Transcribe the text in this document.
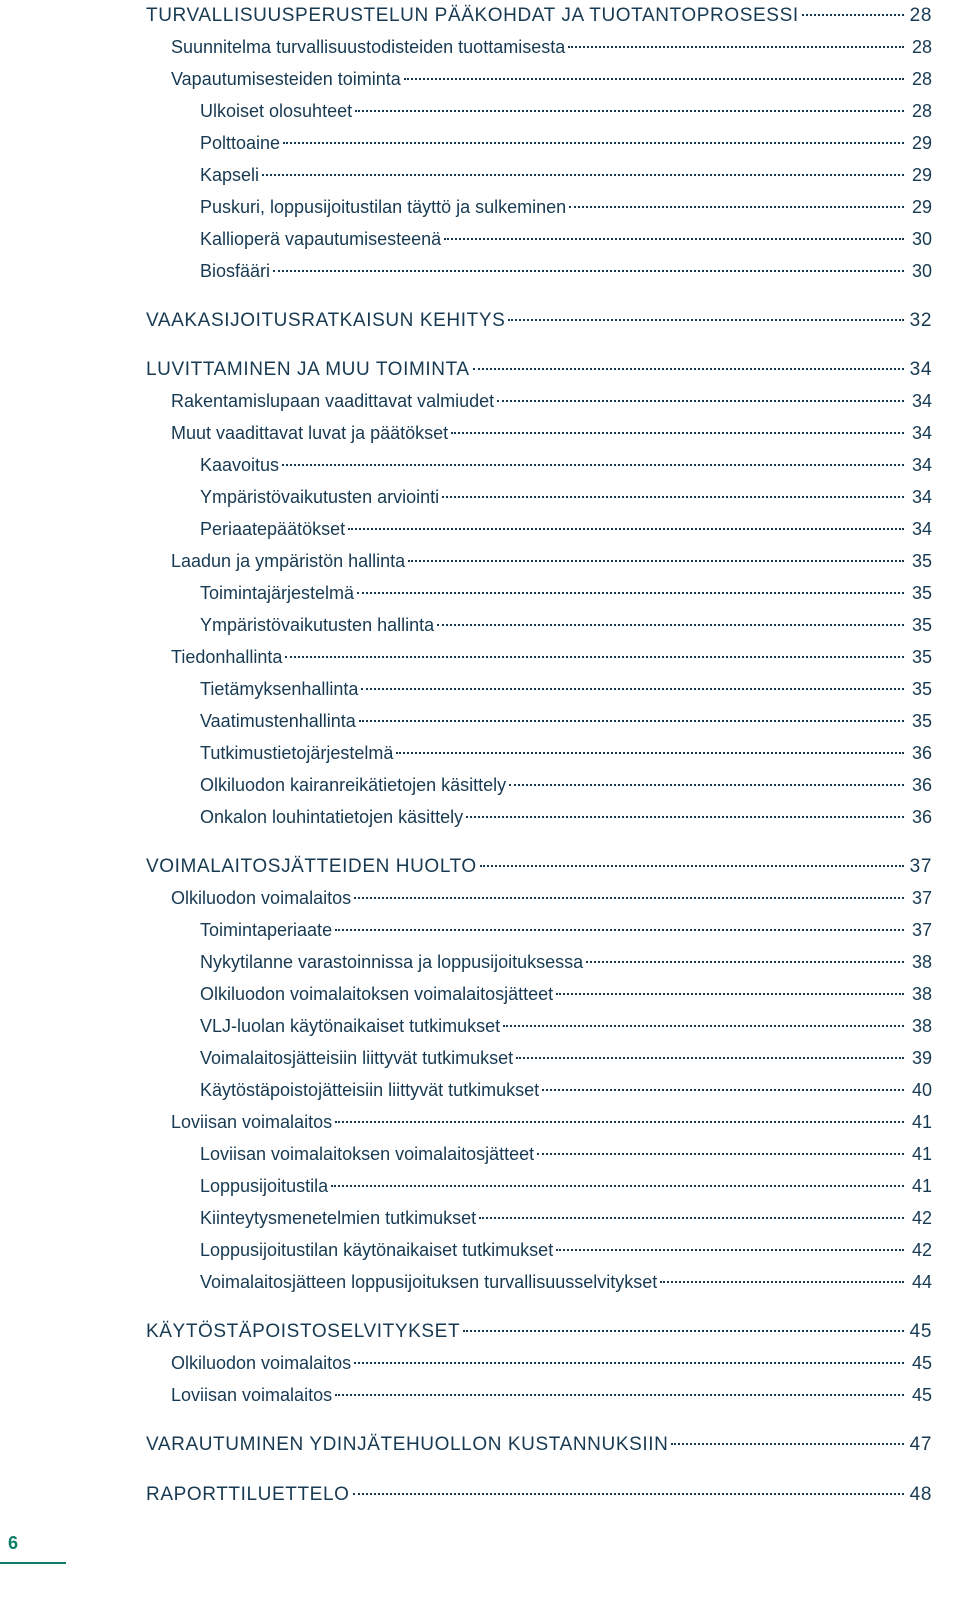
TURVALLISUUSPERUSTELUN PÄÄKOHDAT JA TUOTANTOPROSESSI	28
Suunnitelma turvallisuustodisteiden tuottamisesta	28
Vapautumisesteiden toiminta	28
Ulkoiset olosuhteet	28
Polttoaine	29
Kapseli	29
Puskuri, loppusijoitustilan täyttö ja sulkeminen	29
Kallioperä vapautumisesteenä	30
Biosfääri	30
VAAKASIJOITUSRATKAISUN KEHITYS	32
LUVITTAMINEN JA MUU TOIMINTA	34
Rakentamislupaan vaadittavat valmiudet	34
Muut vaadittavat luvat ja päätökset	34
Kaavoitus	34
Ympäristövaikutusten arviointi	34
Periaatepäätökset	34
Laadun ja ympäristön hallinta	35
Toimintajärjestelmä	35
Ympäristövaikutusten hallinta	35
Tiedonhallinta	35
Tietämyksenhallinta	35
Vaatimustenhallinta	35
Tutkimustietojärjestelmä	36
Olkiluodon kairanreikätietojen käsittely	36
Onkalon louhintatietojen käsittely	36
VOIMALAITOSJÄTTEIDEN HUOLTO	37
Olkiluodon voimalaitos	37
Toimintaperiaate	37
Nykytilanne varastoinnissa ja loppusijoituksessa	38
Olkiluodon voimalaitoksen voimalaitosjätteet	38
VLJ-luolan käytönaikaiset tutkimukset	38
Voimalaitosjätteisiin liittyvät tutkimukset	39
Käytöstäpoistojätteisiin liittyvät tutkimukset	40
Loviisan voimalaitos	41
Loviisan voimalaitoksen voimalaitosjätteet	41
Loppusijoitustila	41
Kiinteytysmenetelmien tutkimukset	42
Loppusijoitustilan käytönaikaiset tutkimukset	42
Voimalaitosjätteen loppusijoituksen turvallisuusselvitykset	44
KÄYTÖSTÄPOISTOSELVITYKSET	45
Olkiluodon voimalaitos	45
Loviisan voimalaitos	45
VARAUTUMINEN YDINJÄTEHUOLLON KUSTANNUKSIIN	47
RAPORTTILUETTELO	48
6
